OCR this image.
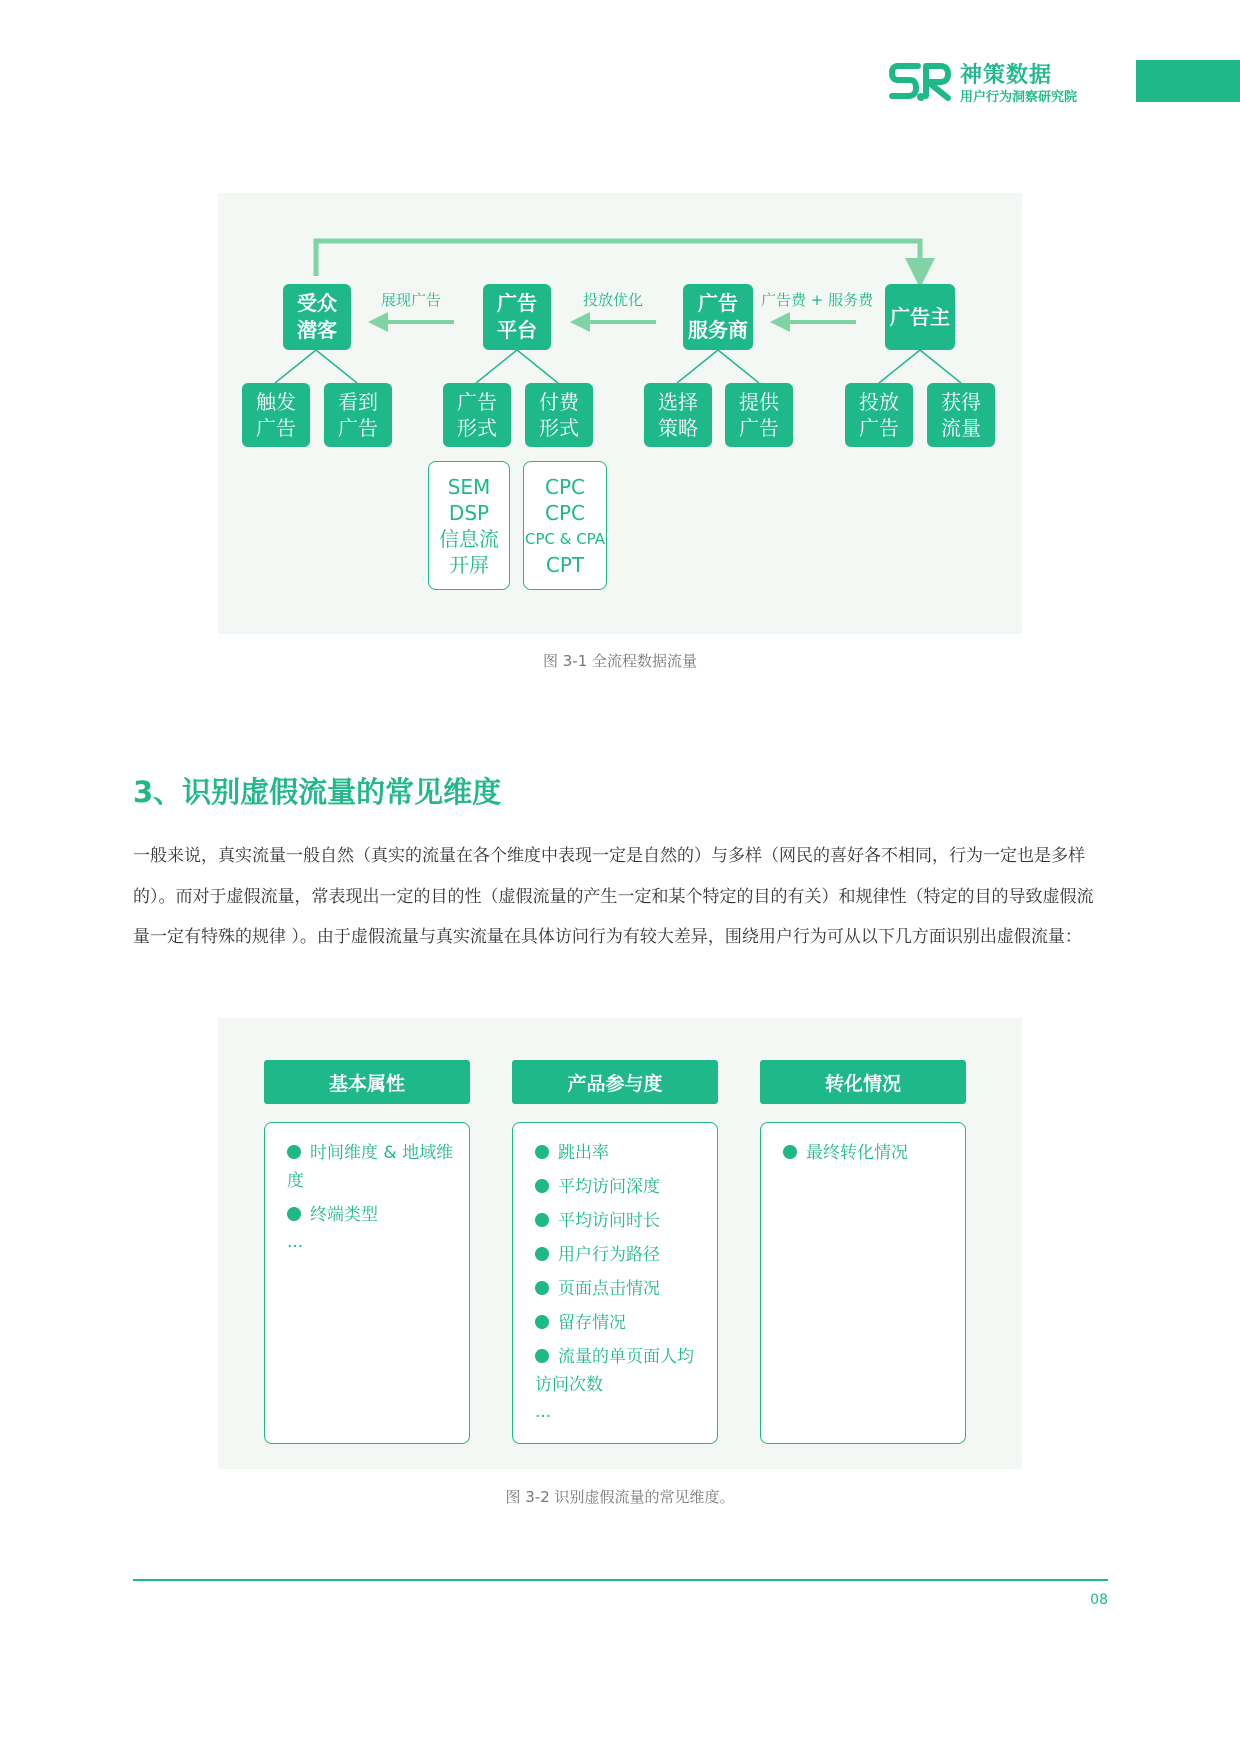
神策数据
用户行为洞察研究院
受众
潜客
广告
平台
广告
服务商
广告主
展现广告	投放优化	广告费 + 服务费
触发
广告
看到
广告
广告
形式
付费
形式
选择
策略
提供
广告
投放
广告
获得
流量
SEM
DSP
信息流
开屏
CPC
CPC
CPC & CPA
CPT
图 3-1 全流程数据流量
3、识别虚假流量的常见维度

一般来说，真实流量一般自然（真实的流量在各个维度中表现一定是自然的）与多样（网民的喜好各不相同，行为一定也是多样的）。而对于虚假流量，常表现出一定的目的性（虚假流量的产生一定和某个特定的目的有关）和规律性（特定的目的导致虚假流量一定有特殊的规律 ）。由于虚假流量与真实流量在具体访问行为有较大差异，围绕用户行为可从以下几方面识别出虚假流量：

基本属性	产品参与度	转化情况
时间维度 & 地域维度
终端类型
···
跳出率
平均访问深度
平均访问时长
用户行为路径
页面点击情况
留存情况
流量的单页面人均访问次数
···
最终转化情况
图 3-2 识别虚假流量的常见维度。
08
